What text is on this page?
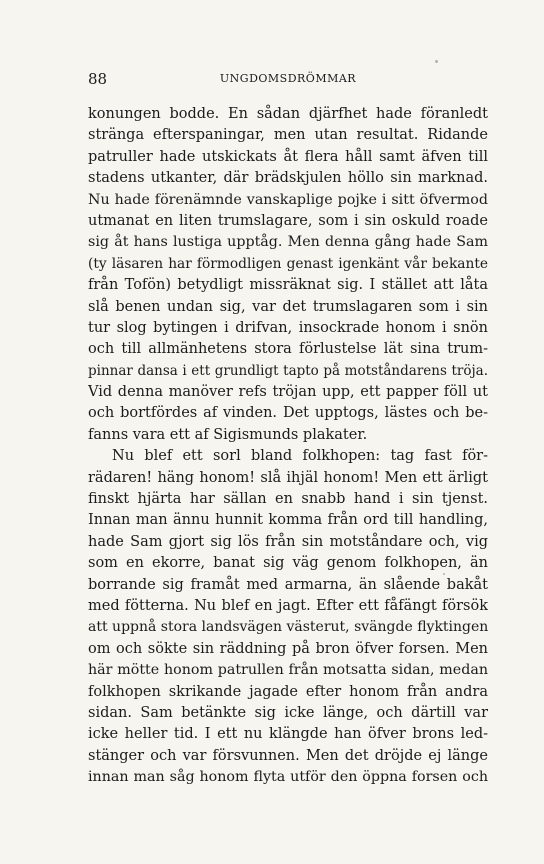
88	UNGDOMSDRÖMMAR
konungen bodde. En sådan djärfhet hade föranledt
stränga efterspaningar, men utan resultat. Ridande
patruller hade utskickats åt flera håll samt äfven till
stadens utkanter, där brädskjulen höllo sin marknad.
Nu hade förenämnde vanskaplige pojke i sitt öfvermod
utmanat en liten trumslagare, som i sin oskuld roade
sig åt hans lustiga upptåg. Men denna gång hade Sam
(ty läsaren har förmodligen genast igenkänt vår bekante
från Tofön) betydligt missräknat sig. I stället att låta
slå benen undan sig, var det trumslagaren som i sin
tur slog bytingen i drifvan, insockrade honom i snön
och till allmänhetens stora förlustelse lät sina trum-
pinnar dansa i ett grundligt tapto på motståndarens tröja.
Vid denna manöver refs tröjan upp, ett papper föll ut
och bortfördes af vinden. Det upptogs, lästes och be-
fanns vara ett af Sigismunds plakater.
Nu blef ett sorl bland folkhopen: tag fast för-
rädaren! häng honom! slå ihjäl honom! Men ett ärligt
finskt hjärta har sällan en snabb hand i sin tjenst.
Innan man ännu hunnit komma från ord till handling,
hade Sam gjort sig lös från sin motståndare och, vig
som en ekorre, banat sig väg genom folkhopen, än
borrande sig framåt med armarna, än slående bakåt
med fötterna. Nu blef en jagt. Efter ett fåfängt försök
att uppnå stora landsvägen västerut, svängde flyktingen
om och sökte sin räddning på bron öfver forsen. Men
här mötte honom patrullen från motsatta sidan, medan
folkhopen skrikande jagade efter honom från andra
sidan. Sam betänkte sig icke länge, och därtill var
icke heller tid. I ett nu klängde han öfver brons led-
stänger och var försvunnen. Men det dröjde ej länge
innan man såg honom flyta utför den öppna forsen och
